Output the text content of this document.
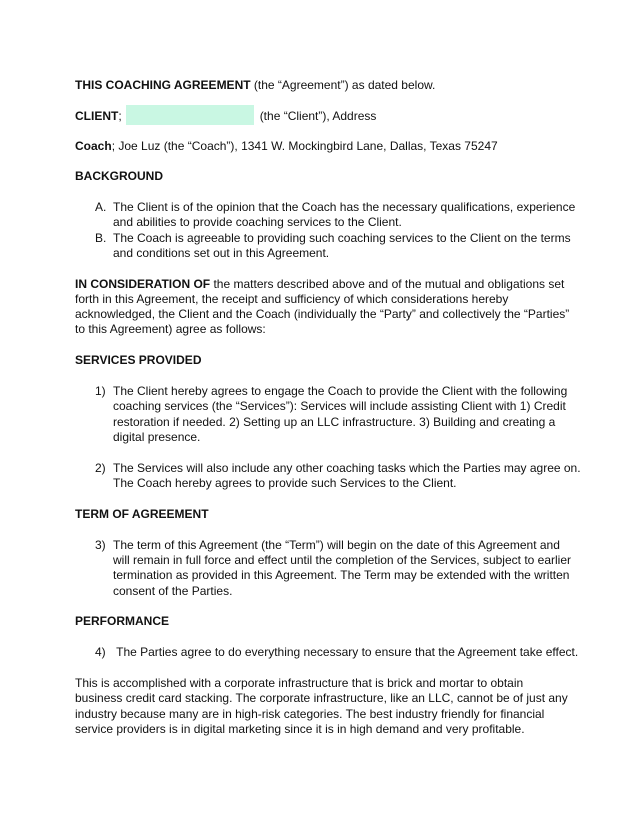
THIS COACHING AGREEMENT (the “Agreement”) as dated below.
CLIENT;	(the “Client”), Address
Coach; Joe Luz (the “Coach”), 1341 W. Mockingbird Lane, Dallas, Texas 75247
BACKGROUND
A. The Client is of the opinion that the Coach has the necessary qualifications, experience
and abilities to provide coaching services to the Client.
B. The Coach is agreeable to providing such coaching services to the Client on the terms
and conditions set out in this Agreement.
IN CONSIDERATION OF the matters described above and of the mutual and obligations set
forth in this Agreement, the receipt and sufficiency of which considerations hereby
acknowledged, the Client and the Coach (individually the “Party” and collectively the “Parties”
to this Agreement) agree as follows:
SERVICES PROVIDED
1) The Client hereby agrees to engage the Coach to provide the Client with the following
coaching services (the “Services”): Services will include assisting Client with 1) Credit
restoration if needed. 2) Setting up an LLC infrastructure. 3) Building and creating a
digital presence.
2) The Services will also include any other coaching tasks which the Parties may agree on.
The Coach hereby agrees to provide such Services to the Client.
TERM OF AGREEMENT
3) The term of this Agreement (the “Term”) will begin on the date of this Agreement and
will remain in full force and effect until the completion of the Services, subject to earlier
termination as provided in this Agreement. The Term may be extended with the written
consent of the Parties.
PERFORMANCE
4) The Parties agree to do everything necessary to ensure that the Agreement take effect.
This is accomplished with a corporate infrastructure that is brick and mortar to obtain
business credit card stacking. The corporate infrastructure, like an LLC, cannot be of just any
industry because many are in high-risk categories. The best industry friendly for financial
service providers is in digital marketing since it is in high demand and very profitable.
